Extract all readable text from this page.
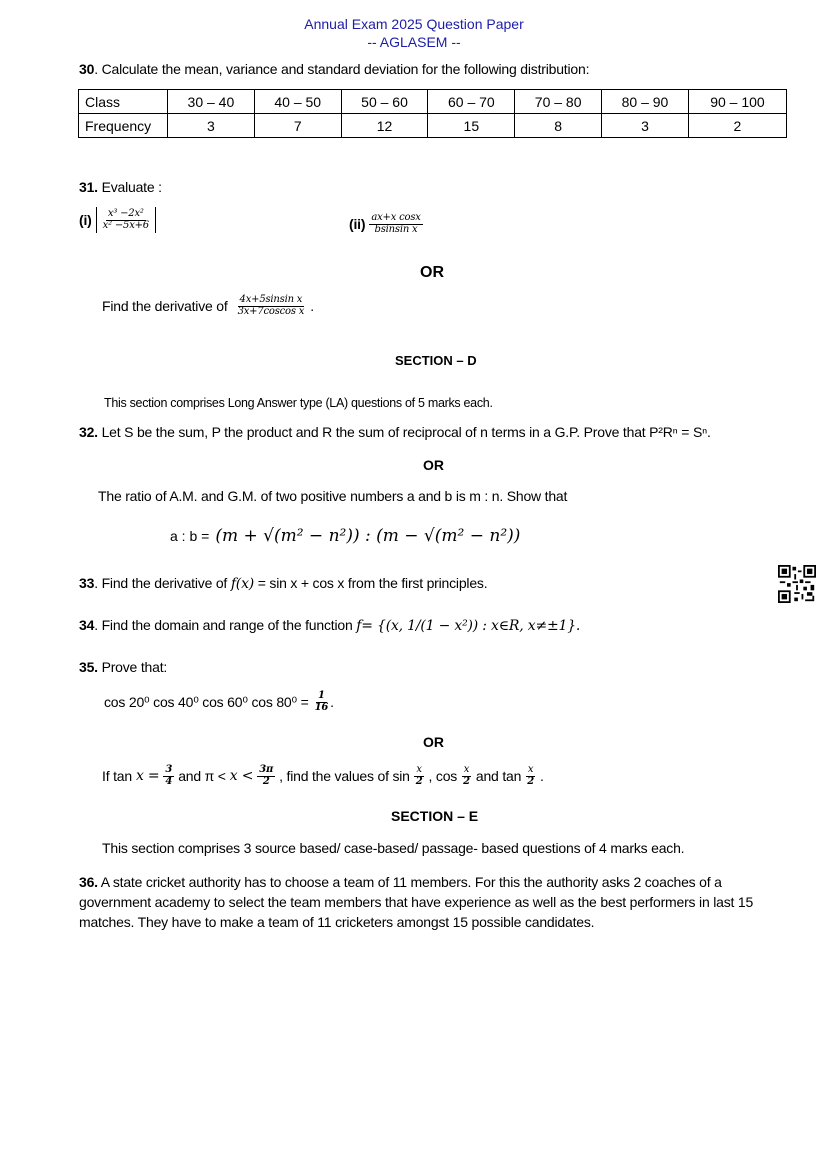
Annual Exam 2025 Question Paper
-- AGLASEM --
30. Calculate the mean, variance and standard deviation for the following distribution:
Class	30 – 40	40 – 50	50 – 60	60 – 70	70 – 80	80 – 90	90 – 100
Frequency	3	7	12	15	8	3	2
31. Evaluate :
$(i) \frac{\text{x³ −2x²}}{\text{x² −5x+6}}$	$(ii) \frac{\text{ax+x cosx}}{\text{bsinsin x}}$
OR
Find the derivative of $\frac{\text{4x+5sinsin x}}{\text{3x+7coscos x}}$ .
SECTION – D
This section comprises Long Answer type (LA) questions of 5 marks each.
32. Let S be the sum, P the product and R the sum of reciprocal of n terms in a G.P. Prove that P²Rⁿ = Sⁿ.
OR
The ratio of A.M. and G.M. of two positive numbers a and b is m : n. Show that
a : b = (m + √(m² − n²)) : (m − √(m² − n²))
33. Find the derivative of f(x) = sin x + cos x from the first principles.
34. Find the domain and range of the function f= {(x, 1/(1 − x²)) : x∈R, x≠±1}.
35. Prove that:
cos 20⁰ cos 40⁰ cos 60⁰ $\cos 80^0 = \frac{1}{16}$ .
OR
If $\tan x = \frac{3}{4}$ and $\pi < x < \frac{3\pi}{2}$ , find the values of $\sin \frac{x}{2}$ , $\cos \frac{x}{2}$ and $\tan \frac{x}{2}$ .
SECTION – E
This section comprises 3 source based/ case-based/ passage- based questions of 4 marks each.
36. A state cricket authority has to choose a team of 11 members. For this the authority asks 2 coaches of a
government academy to select the team members that have experience as well as the best performers in last 15
matches. They have to make a team of 11 cricketers amongst 15 possible candidates.
